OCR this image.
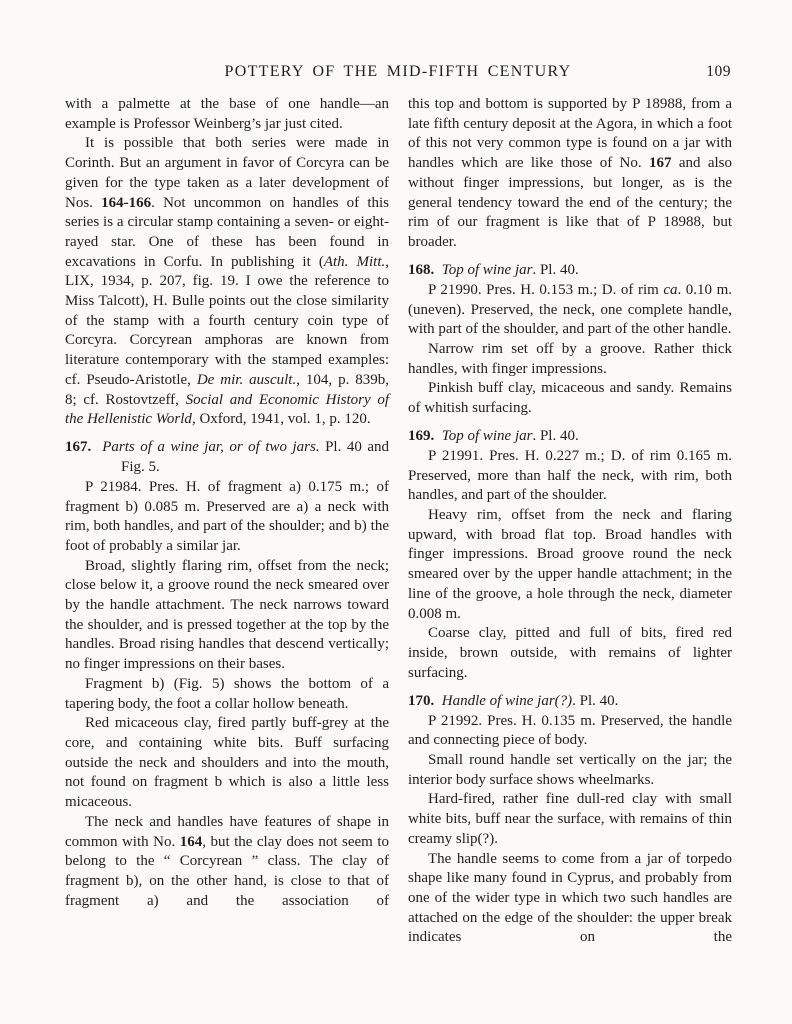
POTTERY OF THE MID-FIFTH CENTURY	109

with a palmette at the base of one handle—an example is Professor Weinberg’s jar just cited.

It is possible that both series were made in Corinth. But an argument in favor of Corcyra can be given for the type taken as a later development of Nos. 164-166. Not uncommon on handles of this series is a circular stamp containing a seven- or eight-rayed star. One of these has been found in excavations in Corfu. In publishing it (Ath. Mitt., LIX, 1934, p. 207, fig. 19. I owe the reference to Miss Talcott), H. Bulle points out the close similarity of the stamp with a fourth century coin type of Corcyra. Corcyrean amphoras are known from literature contemporary with the stamped examples: cf. Pseudo-Aristotle, De mir. auscult., 104, p. 839b, 8; cf. Rostovtzeff, Social and Economic History of the Hellenistic World, Oxford, 1941, vol. 1, p. 120.

167. Parts of a wine jar, or of two jars. Pl. 40 and Fig. 5.

P 21984. Pres. H. of fragment a) 0.175 m.; of fragment b) 0.085 m. Preserved are a) a neck with rim, both handles, and part of the shoulder; and b) the foot of probably a similar jar.

Broad, slightly flaring rim, offset from the neck; close below it, a groove round the neck smeared over by the handle attachment. The neck narrows toward the shoulder, and is pressed together at the top by the handles. Broad rising handles that descend vertically; no finger impressions on their bases.

Fragment b) (Fig. 5) shows the bottom of a tapering body, the foot a collar hollow beneath.

Red micaceous clay, fired partly buff-grey at the core, and containing white bits. Buff surfacing outside the neck and shoulders and into the mouth, not found on fragment b which is also a little less micaceous.

The neck and handles have features of shape in common with No. 164, but the clay does not seem to belong to the “ Corcyrean ” class. The clay of fragment b), on the other hand, is close to that of fragment a) and the association of

this top and bottom is supported by P 18988, from a late fifth century deposit at the Agora, in which a foot of this not very common type is found on a jar with handles which are like those of No. 167 and also without finger impressions, but longer, as is the general tendency toward the end of the century; the rim of our fragment is like that of P 18988, but broader.

168. Top of wine jar. Pl. 40.

P 21990. Pres. H. 0.153 m.; D. of rim ca. 0.10 m. (uneven). Preserved, the neck, one complete handle, with part of the shoulder, and part of the other handle.

Narrow rim set off by a groove. Rather thick handles, with finger impressions.

Pinkish buff clay, micaceous and sandy. Remains of whitish surfacing.

169. Top of wine jar. Pl. 40.

P 21991. Pres. H. 0.227 m.; D. of rim 0.165 m. Preserved, more than half the neck, with rim, both handles, and part of the shoulder.

Heavy rim, offset from the neck and flaring upward, with broad flat top. Broad handles with finger impressions. Broad groove round the neck smeared over by the upper handle attachment; in the line of the groove, a hole through the neck, diameter 0.008 m.

Coarse clay, pitted and full of bits, fired red inside, brown outside, with remains of lighter surfacing.

170. Handle of wine jar(?). Pl. 40.

P 21992. Pres. H. 0.135 m. Preserved, the handle and connecting piece of body.

Small round handle set vertically on the jar; the interior body surface shows wheelmarks.

Hard-fired, rather fine dull-red clay with small white bits, buff near the surface, with remains of thin creamy slip(?).

The handle seems to come from a jar of torpedo shape like many found in Cyprus, and probably from one of the wider type in which two such handles are attached on the edge of the shoulder: the upper break indicates on the
